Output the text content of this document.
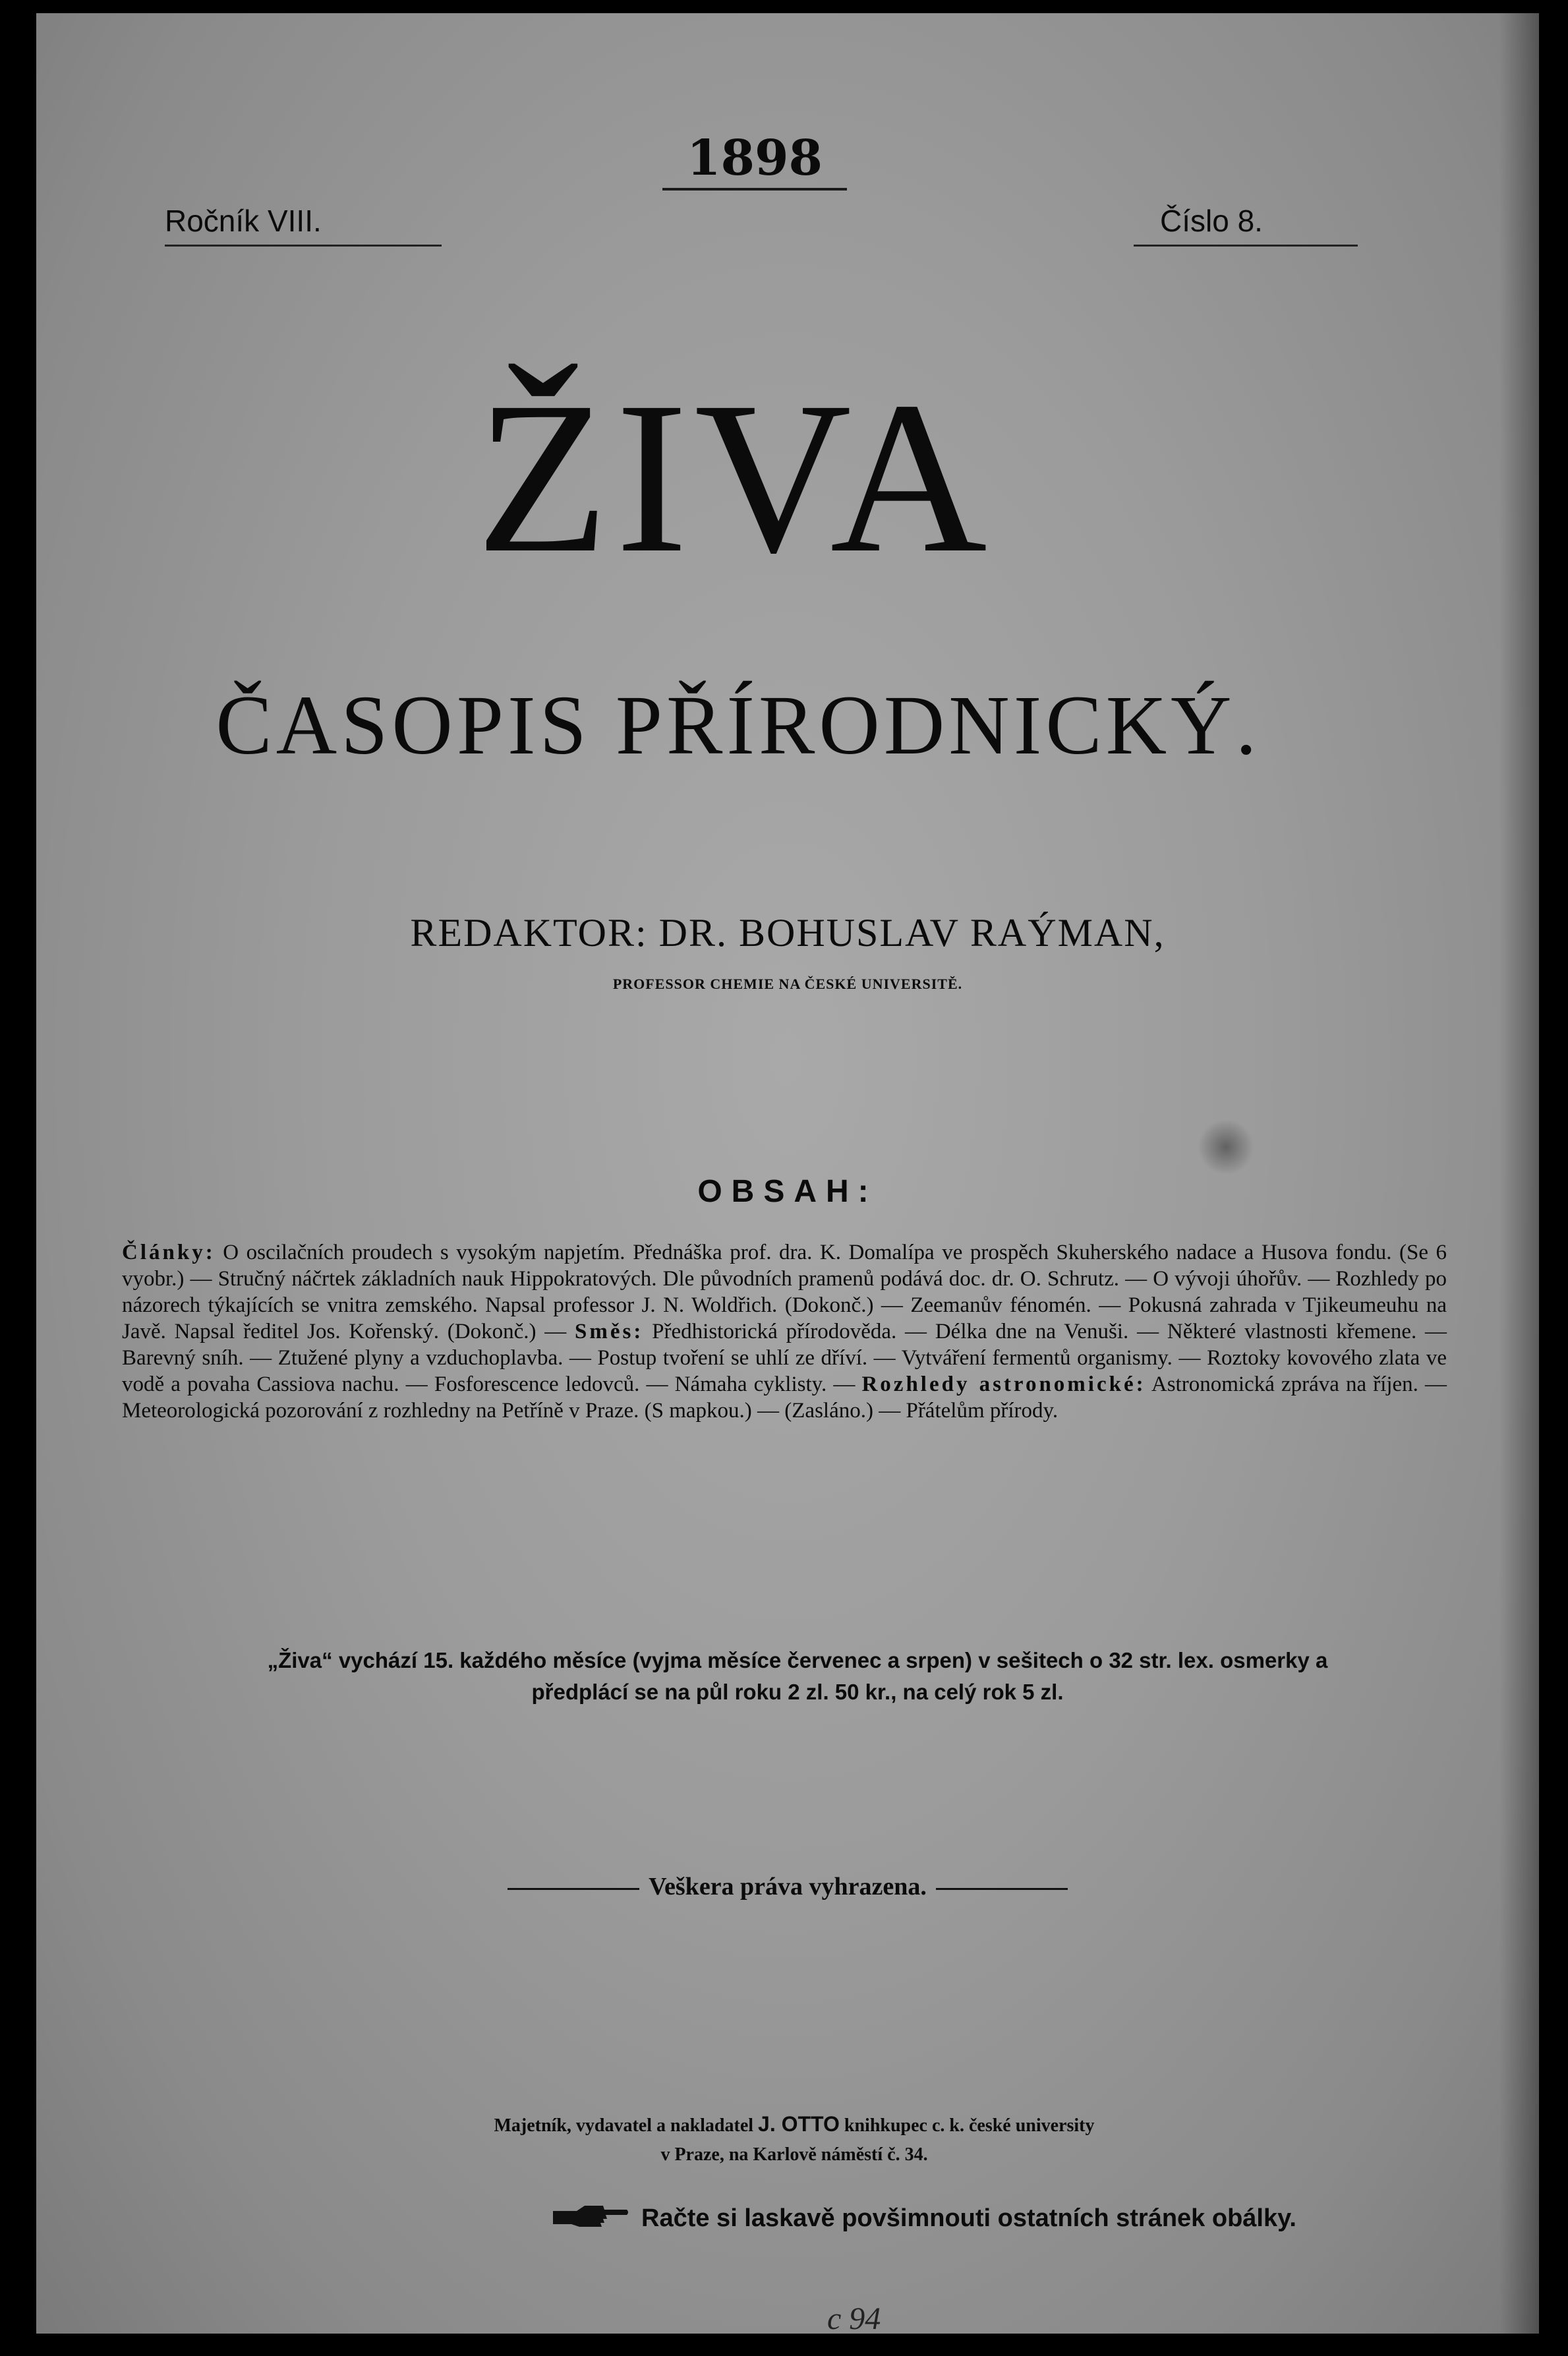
1898
Ročník VIII.	Číslo 8.
ŽIVA
ČASOPIS PŘÍRODNICKÝ.
REDAKTOR: DR. BOHUSLAV RAÝMAN,
PROFESSOR CHEMIE NA ČESKÉ UNIVERSITĚ.
OBSAH:
Články: O oscilačních proudech s vysokým napjetím. Přednáška prof. dra. K. Domalípa ve prospěch Skuherského nadace a Husova fondu. (Se 6 vyobr.) — Stručný náčrtek základních nauk Hippokratových. Dle původních pramenů podává doc. dr. O. Schrutz. — O vývoji úhořův. — Rozhledy po názorech týkajících se vnitra zemského. Napsal professor J. N. Woldřich. (Dokonč.) — Zeemanův fénomén. — Pokusná zahrada v Tjikeumeuhu na Javě. Napsal ředitel Jos. Kořenský. (Dokonč.) — Směs: Předhistorická přírodověda. — Délka dne na Venuši. — Některé vlastnosti křemene. — Barevný sníh. — Ztužené plyny a vzduchoplavba. — Postup tvoření se uhlí ze dříví. — Vytváření fermentů organismy. — Roztoky kovového zlata ve vodě a povaha Cassiova nachu. — Fosforescence ledovců. — Námaha cyklisty. — Rozhledy astronomické: Astronomická zpráva na říjen. — Meteorologická pozorování z rozhledny na Petříně v Praze. (S mapkou.) — (Zasláno.) — Přátelům přírody.
„Živa“ vychází 15. každého měsíce (vyjma měsíce červenec a srpen) v sešitech o 32 str. lex. osmerky a předplácí se na půl roku 2 zl. 50 kr., na celý rok 5 zl.
Veškera práva vyhrazena.
Majetník, vydavatel a nakladatel J. OTTO knihkupec c. k. české university
v Praze, na Karlově náměstí č. 34.
Račte si laskavě povšimnouti ostatních stránek obálky.
c 94
